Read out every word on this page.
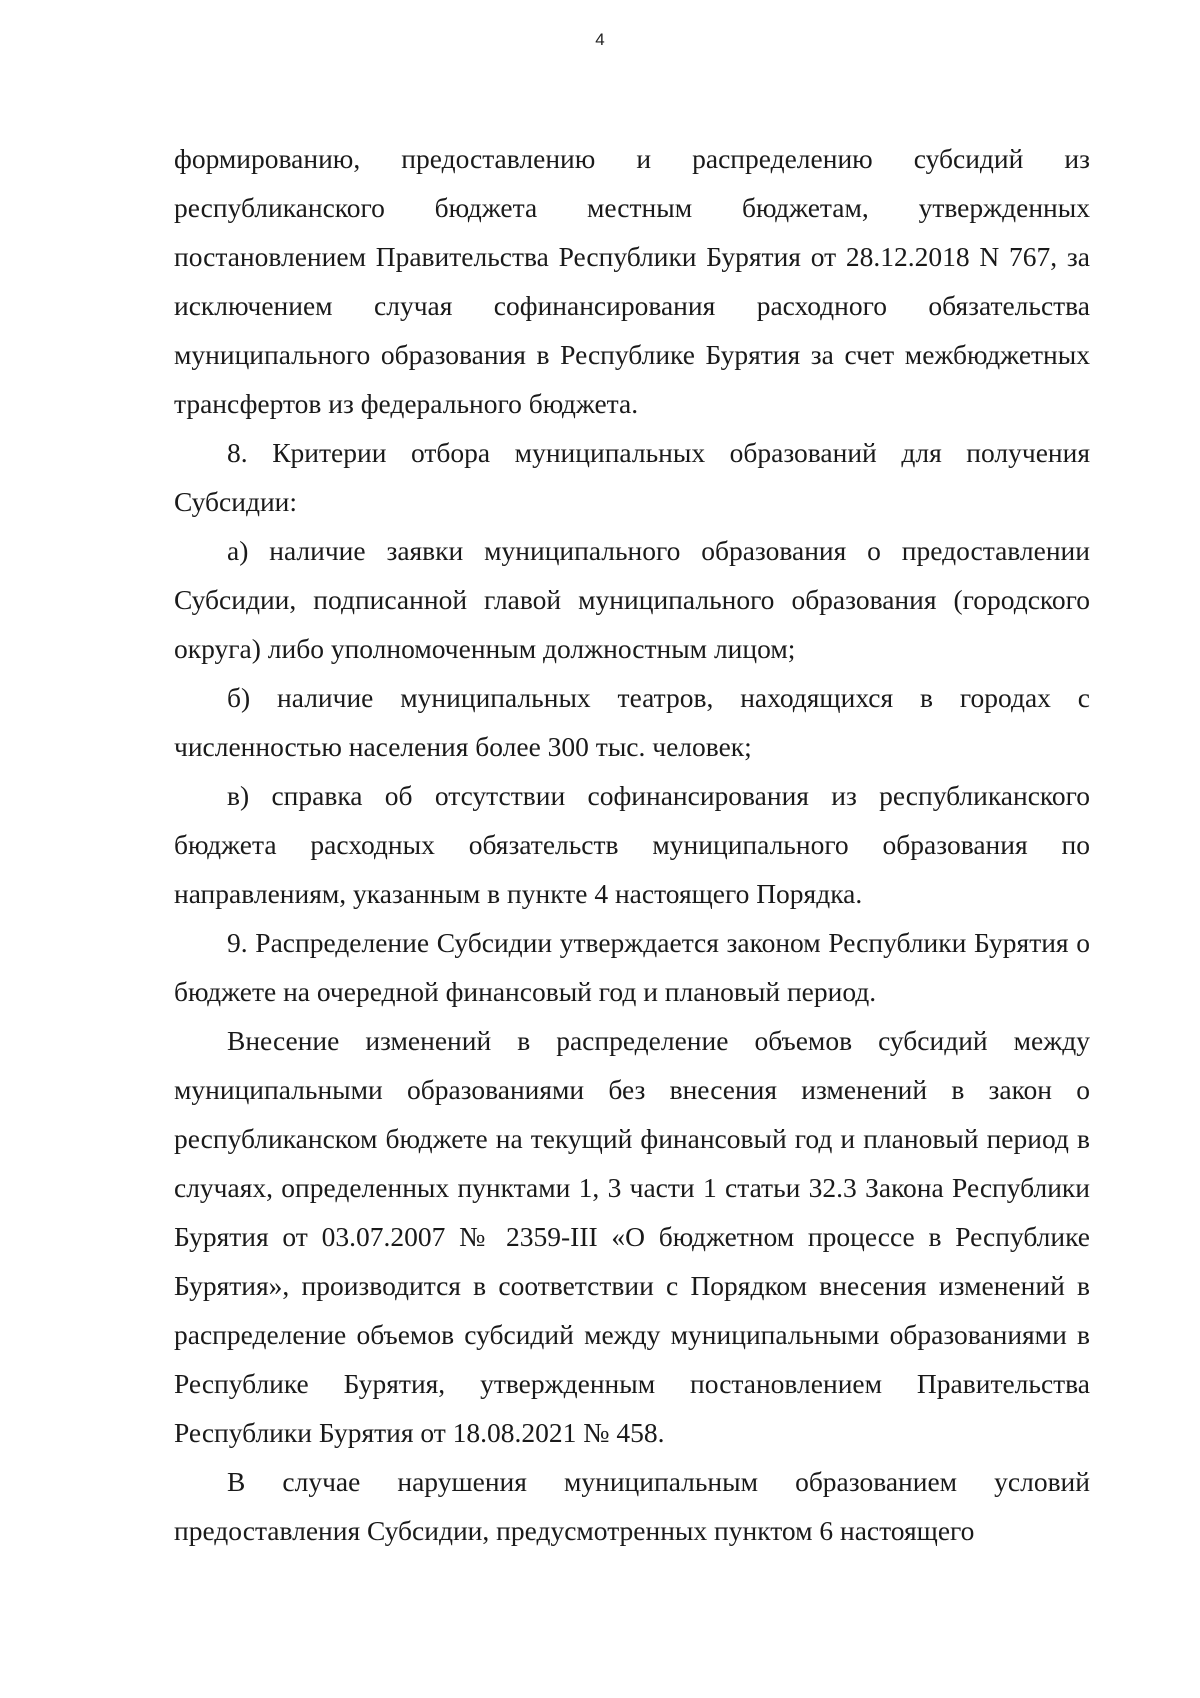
4

формированию, предоставлению и распределению субсидий из республиканского бюджета местным бюджетам, утвержденных постановлением Правительства Республики Бурятия от 28.12.2018 N 767, за исключением случая софинансирования расходного обязательства муниципального образования в Республике Бурятия за счет межбюджетных трансфертов из федерального бюджета.

8. Критерии отбора муниципальных образований для получения Субсидии:

а) наличие заявки муниципального образования о предоставлении Субсидии, подписанной главой муниципального образования (городского округа) либо уполномоченным должностным лицом;

б) наличие муниципальных театров, находящихся в городах с численностью населения более 300 тыс. человек;

в) справка об отсутствии софинансирования из республиканского бюджета расходных обязательств муниципального образования по направлениям, указанным в пункте 4 настоящего Порядка.

9. Распределение Субсидии утверждается законом Республики Бурятия о бюджете на очередной финансовый год и плановый период.

Внесение изменений в распределение объемов субсидий между муниципальными образованиями без внесения изменений в закон о республиканском бюджете на текущий финансовый год и плановый период в случаях, определенных пунктами 1, 3 части 1 статьи 32.3 Закона Республики Бурятия от 03.07.2007 № 2359-III «О бюджетном процессе в Республике Бурятия», производится в соответствии с Порядком внесения изменений в распределение объемов субсидий между муниципальными образованиями в Республике Бурятия, утвержденным постановлением Правительства Республики Бурятия от 18.08.2021 № 458.

В случае нарушения муниципальным образованием условий предоставления Субсидии, предусмотренных пунктом 6 настоящего
